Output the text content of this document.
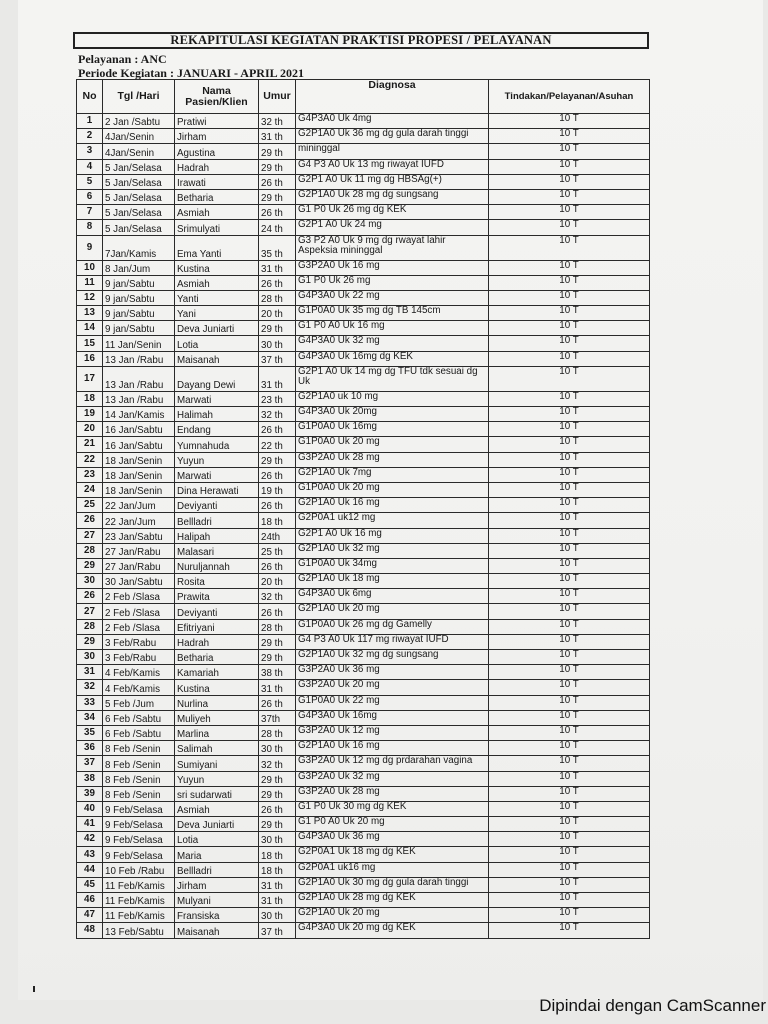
REKAPITULASI KEGIATAN PRAKTISI PROPESI / PELAYANAN
Pelayanan : ANC
Periode Kegiatan : JANUARI - APRIL 2021
No	Tgl /Hari	Nama Pasien/Klien	Umur	Diagnosa	Tindakan/Pelayanan/Asuhan
1	2 Jan /Sabtu	Pratiwi	32 th	G4P3A0 Uk 4mg	10 T
2	4Jan/Senin	Jirham	31 th	G2P1A0 Uk 36 mg dg gula darah tinggi	10 T
3	4Jan/Senin	Agustina	29 th	mininggal	10 T
4	5 Jan/Selasa	Hadrah	29 th	G4 P3 A0 Uk 13 mg riwayat IUFD	10 T
5	5 Jan/Selasa	Irawati	26 th	G2P1 A0 Uk 11 mg dg HBSAg(+)	10 T
6	5 Jan/Selasa	Betharia	29 th	G2P1A0 Uk 28 mg dg sungsang	10 T
7	5 Jan/Selasa	Asmiah	26 th	G1 P0 Uk 26 mg dg KEK	10 T
8	5 Jan/Selasa	Srimulyati	24 th	G2P1 A0 Uk 24 mg	10 T
9	7Jan/Kamis	Ema Yanti	35 th	G3 P2 A0 Uk 9 mg dg rwayat lahir Aspeksia mininggal	10 T
10	8 Jan/Jum	Kustina	31 th	G3P2A0 Uk 16 mg	10 T
11	9 jan/Sabtu	Asmiah	26 th	G1 P0 Uk 26 mg	10 T
12	9 jan/Sabtu	Yanti	28 th	G4P3A0 Uk 22 mg	10 T
13	9 jan/Sabtu	Yani	20 th	G1P0A0 Uk 35 mg dg TB 145cm	10 T
14	9 jan/Sabtu	Deva Juniarti	29 th	G1 P0 A0 Uk 16 mg	10 T
15	11 Jan/Senin	Lotia	30 th	G4P3A0 Uk 32 mg	10 T
16	13 Jan /Rabu	Maisanah	37 th	G4P3A0 Uk 16mg dg KEK	10 T
17	13 Jan /Rabu	Dayang Dewi	31 th	G2P1 A0 Uk 14 mg dg TFU tdk sesuai dg Uk	10 T
18	13 Jan /Rabu	Marwati	23 th	G2P1A0 uk 10 mg	10 T
19	14 Jan/Kamis	Halimah	32 th	G4P3A0 Uk 20mg	10 T
20	16 Jan/Sabtu	Endang	26 th	G1P0A0 Uk 16mg	10 T
21	16 Jan/Sabtu	Yumnahuda	22 th	G1P0A0 Uk 20 mg	10 T
22	18 Jan/Senin	Yuyun	29 th	G3P2A0 Uk 28 mg	10 T
23	18 Jan/Senin	Marwati	26 th	G2P1A0 Uk 7mg	10 T
24	18 Jan/Senin	Dina Herawati	19 th	G1P0A0 Uk 20 mg	10 T
25	22 Jan/Jum	Deviyanti	26 th	G2P1A0 Uk 16 mg	10 T
26	22 Jan/Jum	Bellladri	18 th	G2P0A1 uk12 mg	10 T
27	23 Jan/Sabtu	Halipah	24th	G2P1 A0 Uk 16 mg	10 T
28	27 Jan/Rabu	Malasari	25 th	G2P1A0 Uk 32 mg	10 T
29	27 Jan/Rabu	Nuruljannah	26 th	G1P0A0 Uk 34mg	10 T
30	30 Jan/Sabtu	Rosita	20 th	G2P1A0 Uk 18 mg	10 T
26	2 Feb /Slasa	Prawita	32 th	G4P3A0 Uk 6mg	10 T
27	2 Feb /Slasa	Deviyanti	26 th	G2P1A0 Uk 20 mg	10 T
28	2 Feb /Slasa	Efitriyani	28 th	G1P0A0 Uk 26 mg dg Gamelly	10 T
29	3 Feb/Rabu	Hadrah	29 th	G4 P3 A0 Uk 117 mg riwayat IUFD	10 T
30	3 Feb/Rabu	Betharia	29 th	G2P1A0 Uk 32 mg dg sungsang	10 T
31	4 Feb/Kamis	Kamariah	38 th	G3P2A0 Uk 36 mg	10 T
32	4 Feb/Kamis	Kustina	31 th	G3P2A0 Uk 20 mg	10 T
33	5 Feb /Jum	Nurlina	26 th	G1P0A0 Uk 22 mg	10 T
34	6 Feb /Sabtu	Muliyeh	37th	G4P3A0 Uk 16mg	10 T
35	6 Feb /Sabtu	Marlina	28 th	G3P2A0 Uk 12 mg	10 T
36	8 Feb /Senin	Salimah	30 th	G2P1A0 Uk 16 mg	10 T
37	8 Feb /Senin	Sumiyani	32 th	G3P2A0 Uk 12 mg dg prdarahan vagina	10 T
38	8 Feb /Senin	Yuyun	29 th	G3P2A0 Uk 32 mg	10 T
39	8 Feb /Senin	sri sudarwati	29 th	G3P2A0 Uk 28 mg	10 T
40	9 Feb/Selasa	Asmiah	26 th	G1 P0 Uk 30 mg dg KEK	10 T
41	9 Feb/Selasa	Deva Juniarti	29 th	G1 P0 A0 Uk 20 mg	10 T
42	9 Feb/Selasa	Lotia	30 th	G4P3A0 Uk 36 mg	10 T
43	9 Feb/Selasa	Maria	18 th	G2P0A1 Uk 18 mg dg KEK	10 T
44	10 Feb /Rabu	Bellladri	18 th	G2P0A1 uk16 mg	10 T
45	11 Feb/Kamis	Jirham	31 th	G2P1A0 Uk 30 mg dg gula darah tinggi	10 T
46	11 Feb/Kamis	Mulyani	31 th	G2P1A0 Uk 28 mg dg KEK	10 T
47	11 Feb/Kamis	Fransiska	30 th	G2P1A0 Uk 20 mg	10 T
48	13 Feb/Sabtu	Maisanah	37 th	G4P3A0 Uk 20 mg dg KEK	10 T
Dipindai dengan CamScanner
